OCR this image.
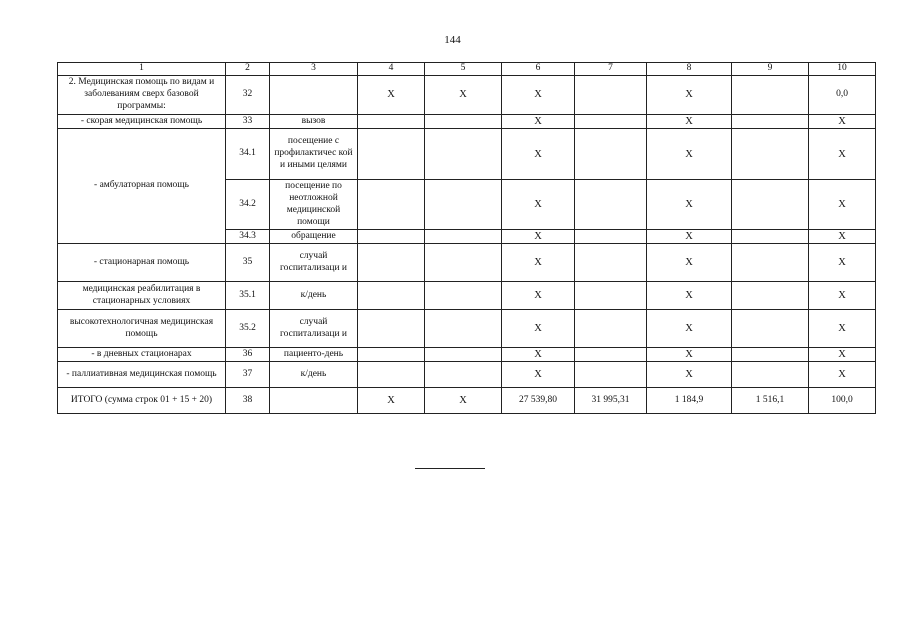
144
1	2	3	4	5	6	7	8	9	10
2. Медицинская помощь по видам и заболеваниям сверх базовой программы:	32		Х	Х	Х		Х		0,0
- скорая медицинская помощь	33	вызов			Х		Х		Х
- амбулаторная помощь	34.1	посещение с профилактичес кой и иными целями			Х		Х		Х
	34.2	посещение по неотложной медицинской помощи			Х		Х		Х
	34.3	обращение			Х		Х		Х
- стационарная помощь	35	случай госпитализаци и			Х		Х		Х
медицинская реабилитация в стационарных условиях	35.1	к/день			Х		Х		Х
высокотехнологичная медицинская помощь	35.2	случай госпитализаци и			Х		Х		Х
- в дневных стационарах	36	пациенто-день			Х		Х		Х
- паллиативная медицинская помощь	37	к/день			Х		Х		Х
ИТОГО (сумма строк 01 + 15 + 20)	38		Х	Х	27 539,80	31 995,31	1 184,9	1 516,1	100,0
